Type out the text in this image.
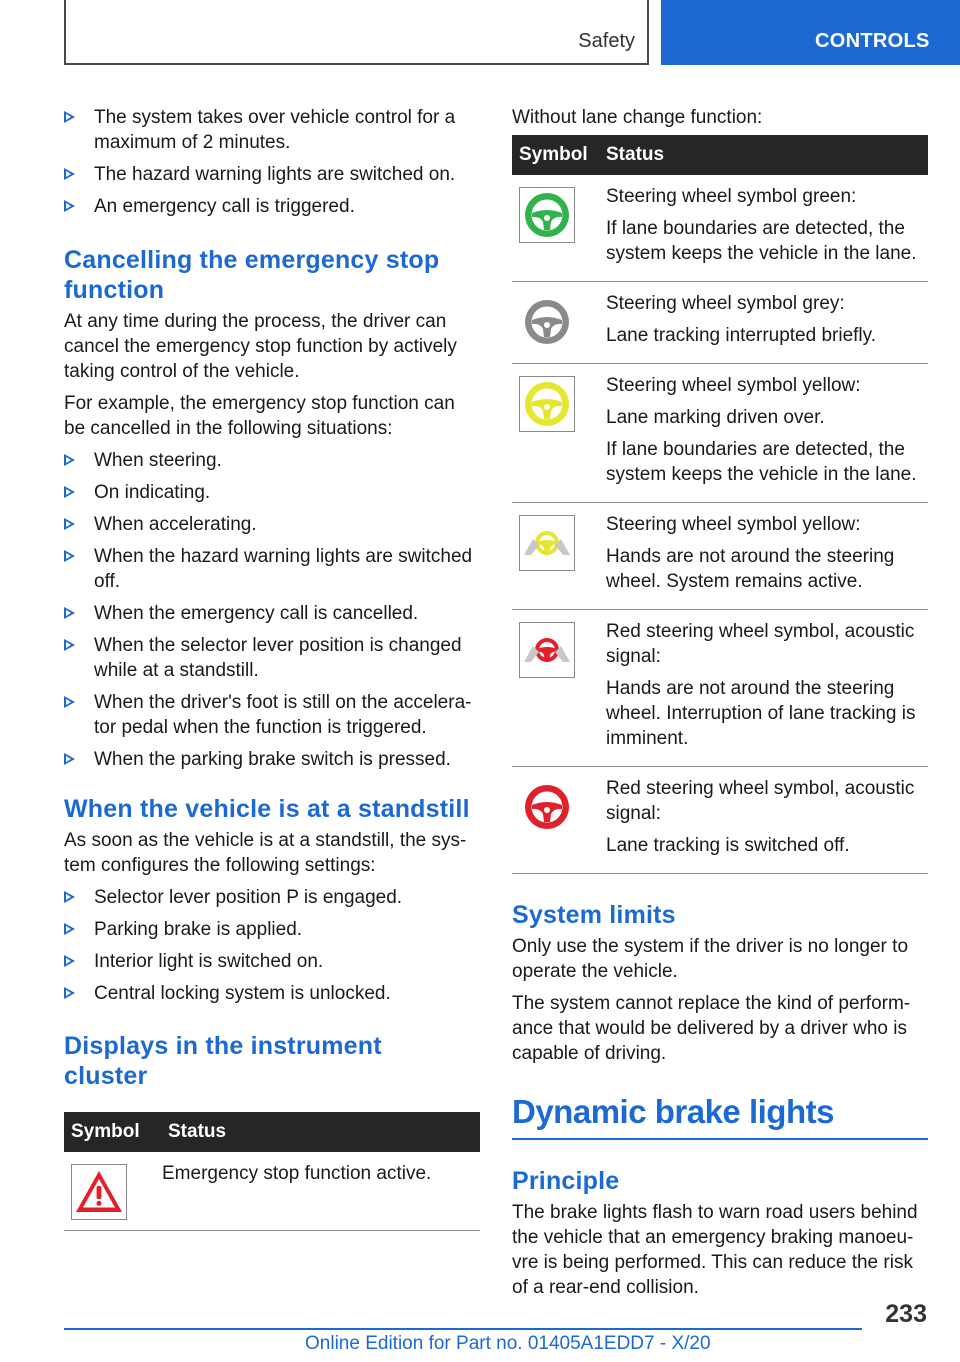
Safety	CONTROLS
The system takes over vehicle control for a maximum of 2 minutes.
The hazard warning lights are switched on.
An emergency call is triggered.
Cancelling the emergency stop function

At any time during the process, the driver can cancel the emergency stop function by actively taking control of the vehicle.

For example, the emergency stop function can be cancelled in the following situations:

When steering.
On indicating.
When accelerating.
When the hazard warning lights are switched off.
When the emergency call is cancelled.
When the selector lever position is changed while at a standstill.
When the driver's foot is still on the accelera‐tor pedal when the function is triggered.
When the parking brake switch is pressed.
When the vehicle is at a standstill

As soon as the vehicle is at a standstill, the sys‐tem configures the following settings:

Selector lever position P is engaged.
Parking brake is applied.
Interior light is switched on.
Central locking system is unlocked.
Displays in the instrument cluster
Symbol	Status

Emergency stop function active.

Without lane change function:

Symbol	Status

Steering wheel symbol green:
If lane boundaries are detected, the system keeps the vehicle in the lane.

Steering wheel symbol grey:
Lane tracking interrupted briefly.

Steering wheel symbol yellow:
Lane marking driven over.
If lane boundaries are detected, the system keeps the vehicle in the lane.

Steering wheel symbol yellow:
Hands are not around the steering wheel. System remains active.

Red steering wheel symbol, acoustic signal:
Hands are not around the steering wheel. Interruption of lane tracking is imminent.

Red steering wheel symbol, acoustic signal:
Lane tracking is switched off.
System limits

Only use the system if the driver is no longer to operate the vehicle.

The system cannot replace the kind of perform‐ance that would be delivered by a driver who is capable of driving.

Dynamic brake lights
Principle

The brake lights flash to warn road users behind the vehicle that an emergency braking manoeu‐vre is being performed. This can reduce the risk of a rear-end collision.

233
Online Edition for Part no. 01405A1EDD7 - X/20
